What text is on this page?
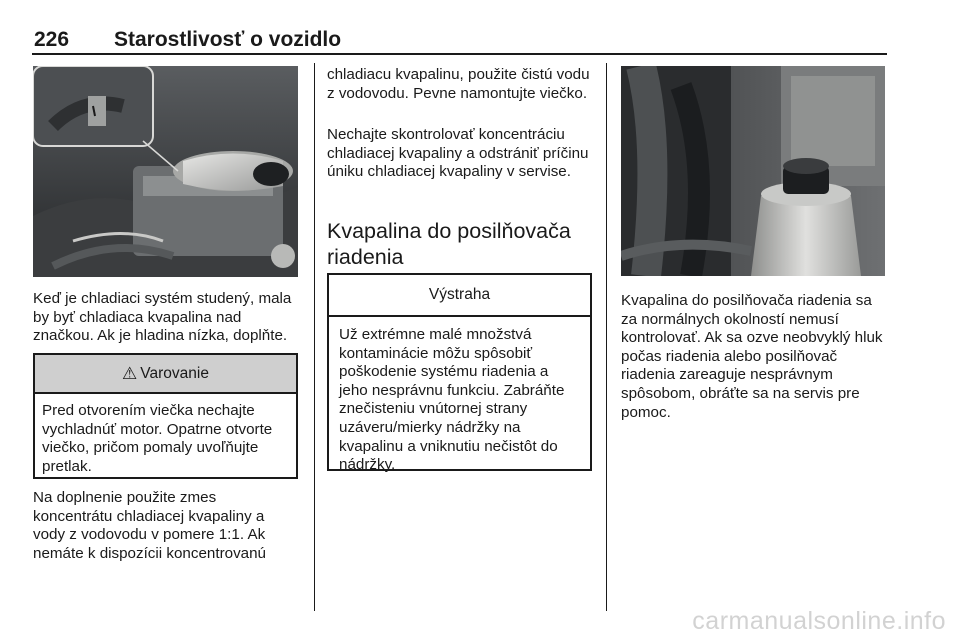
226 Starostlivosť o vozidlo

Keď je chladiaci systém studený, mala by byť chladiaca kvapalina nad značkou. Ak je hladina nízka, doplňte.

⚠ Varovanie

Pred otvorením viečka nechajte vychladnúť motor. Opatrne otvorte viečko, pričom pomaly uvoľňujte pretlak.

Na doplnenie použite zmes koncentrátu chladiacej kvapaliny a vody z vodovodu v pomere 1:1. Ak nemáte k dispozícii koncentrovanú

chladiacu kvapalinu, použite čistú vodu z vodovodu. Pevne namontujte viečko.

Nechajte skontrolovať koncentráciu chladiacej kvapaliny a odstrániť príčinu úniku chladiacej kvapaliny v servise.

Kvapalina do posilňovača riadenia
Výstraha

Už extrémne malé množstvá kontaminácie môžu spôsobiť poškodenie systému riadenia a jeho nesprávnu funkciu. Zabráňte znečisteniu vnútornej strany uzáveru/mierky nádržky na kvapalinu a vniknutiu nečistôt do nádržky.

Kvapalina do posilňovača riadenia sa za normálnych okolností nemusí kontrolovať. Ak sa ozve neobvyklý hluk počas riadenia alebo posilňovač riadenia zareaguje nesprávnym spôsobom, obráťte sa na servis pre pomoc.

carmanualsonline.info
